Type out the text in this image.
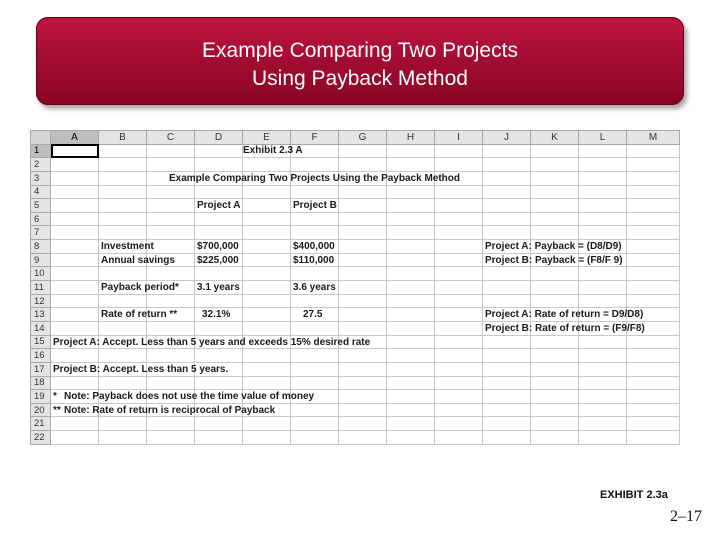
Example Comparing Two Projects
Using Payback Method
	A	B	C	D	E	F	G	H	I	J	K	L	M
1					Exhibit 2.3 A								

2													
3			Example Comparing Two Projects Using the Payback Method										

4													
5				Project A		Project B							

6													
7													
8		Investment		$700,000		$400,000				Project A: Payback = (D8/D9)			

9		Annual savings		$225,000		$110,000				Project B: Payback = (F8/F 9)			

10													
11		Payback period*		3.1 years		3.6 years							

12													
13		Rate of return **		32.1%		27.5				Project A: Rate of return = D9/D8)			

14										Project B: Rate of return = (F9/F8)			

15	Project A: Accept. Less than 5 years and exceeds 15% desired rate												

16													
17	Project B: Accept. Less than 5 years.												

18													
19	* Note: Payback does not use the time value of money												

20	** Note: Rate of return is reciprocal of Payback												

21													
22													
EXHIBIT 2.3a
2–17
